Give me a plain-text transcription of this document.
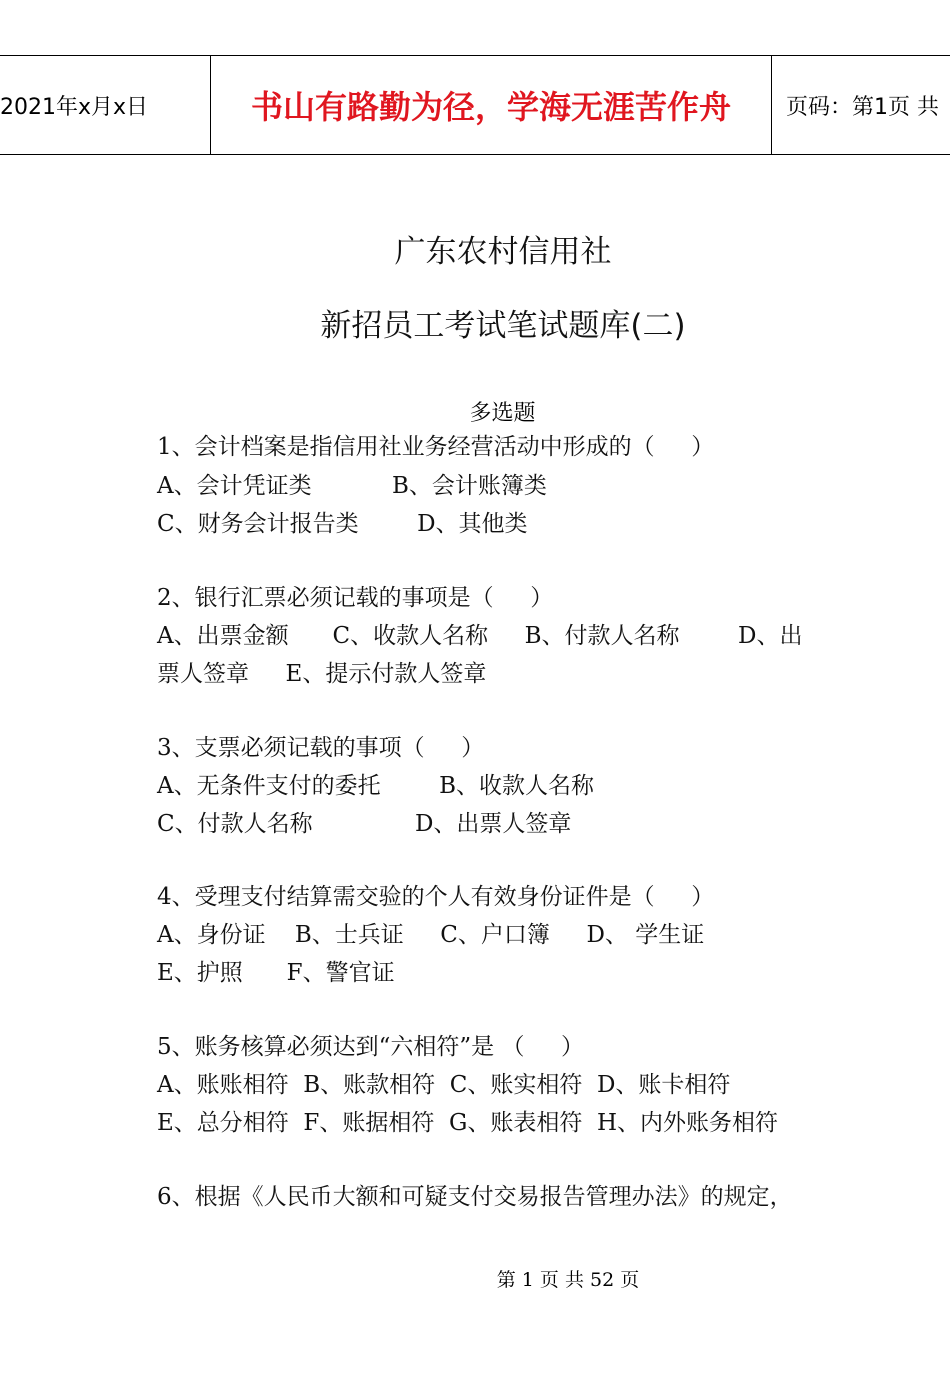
2021年x月x日	书山有路勤为径，学海无涯苦作舟	页码：第1页 共
广东农村信用社
新招员工考试笔试题库(二)
多选题
1、会计档案是指信用社业务经营活动中形成的（     ）
A、会计凭证类           B、会计账簿类
C、财务会计报告类        D、其他类
2、银行汇票必须记载的事项是（     ）
A、出票金额      C、收款人名称     B、付款人名称        D、出
票人签章     E、提示付款人签章
3、支票必须记载的事项（     ）
A、无条件支付的委托        B、收款人名称
C、付款人名称              D、出票人签章
4、受理支付结算需交验的个人有效身份证件是（     ）
A、身份证    B、士兵证     C、户口簿     D、 学生证
E、护照      F、警官证
5、账务核算必须达到“六相符”是 （     ）
A、账账相符  B、账款相符  C、账实相符  D、账卡相符
E、总分相符  F、账据相符  G、账表相符  H、内外账务相符
6、根据《人民币大额和可疑支付交易报告管理办法》的规定，
第 1 页 共 52 页
